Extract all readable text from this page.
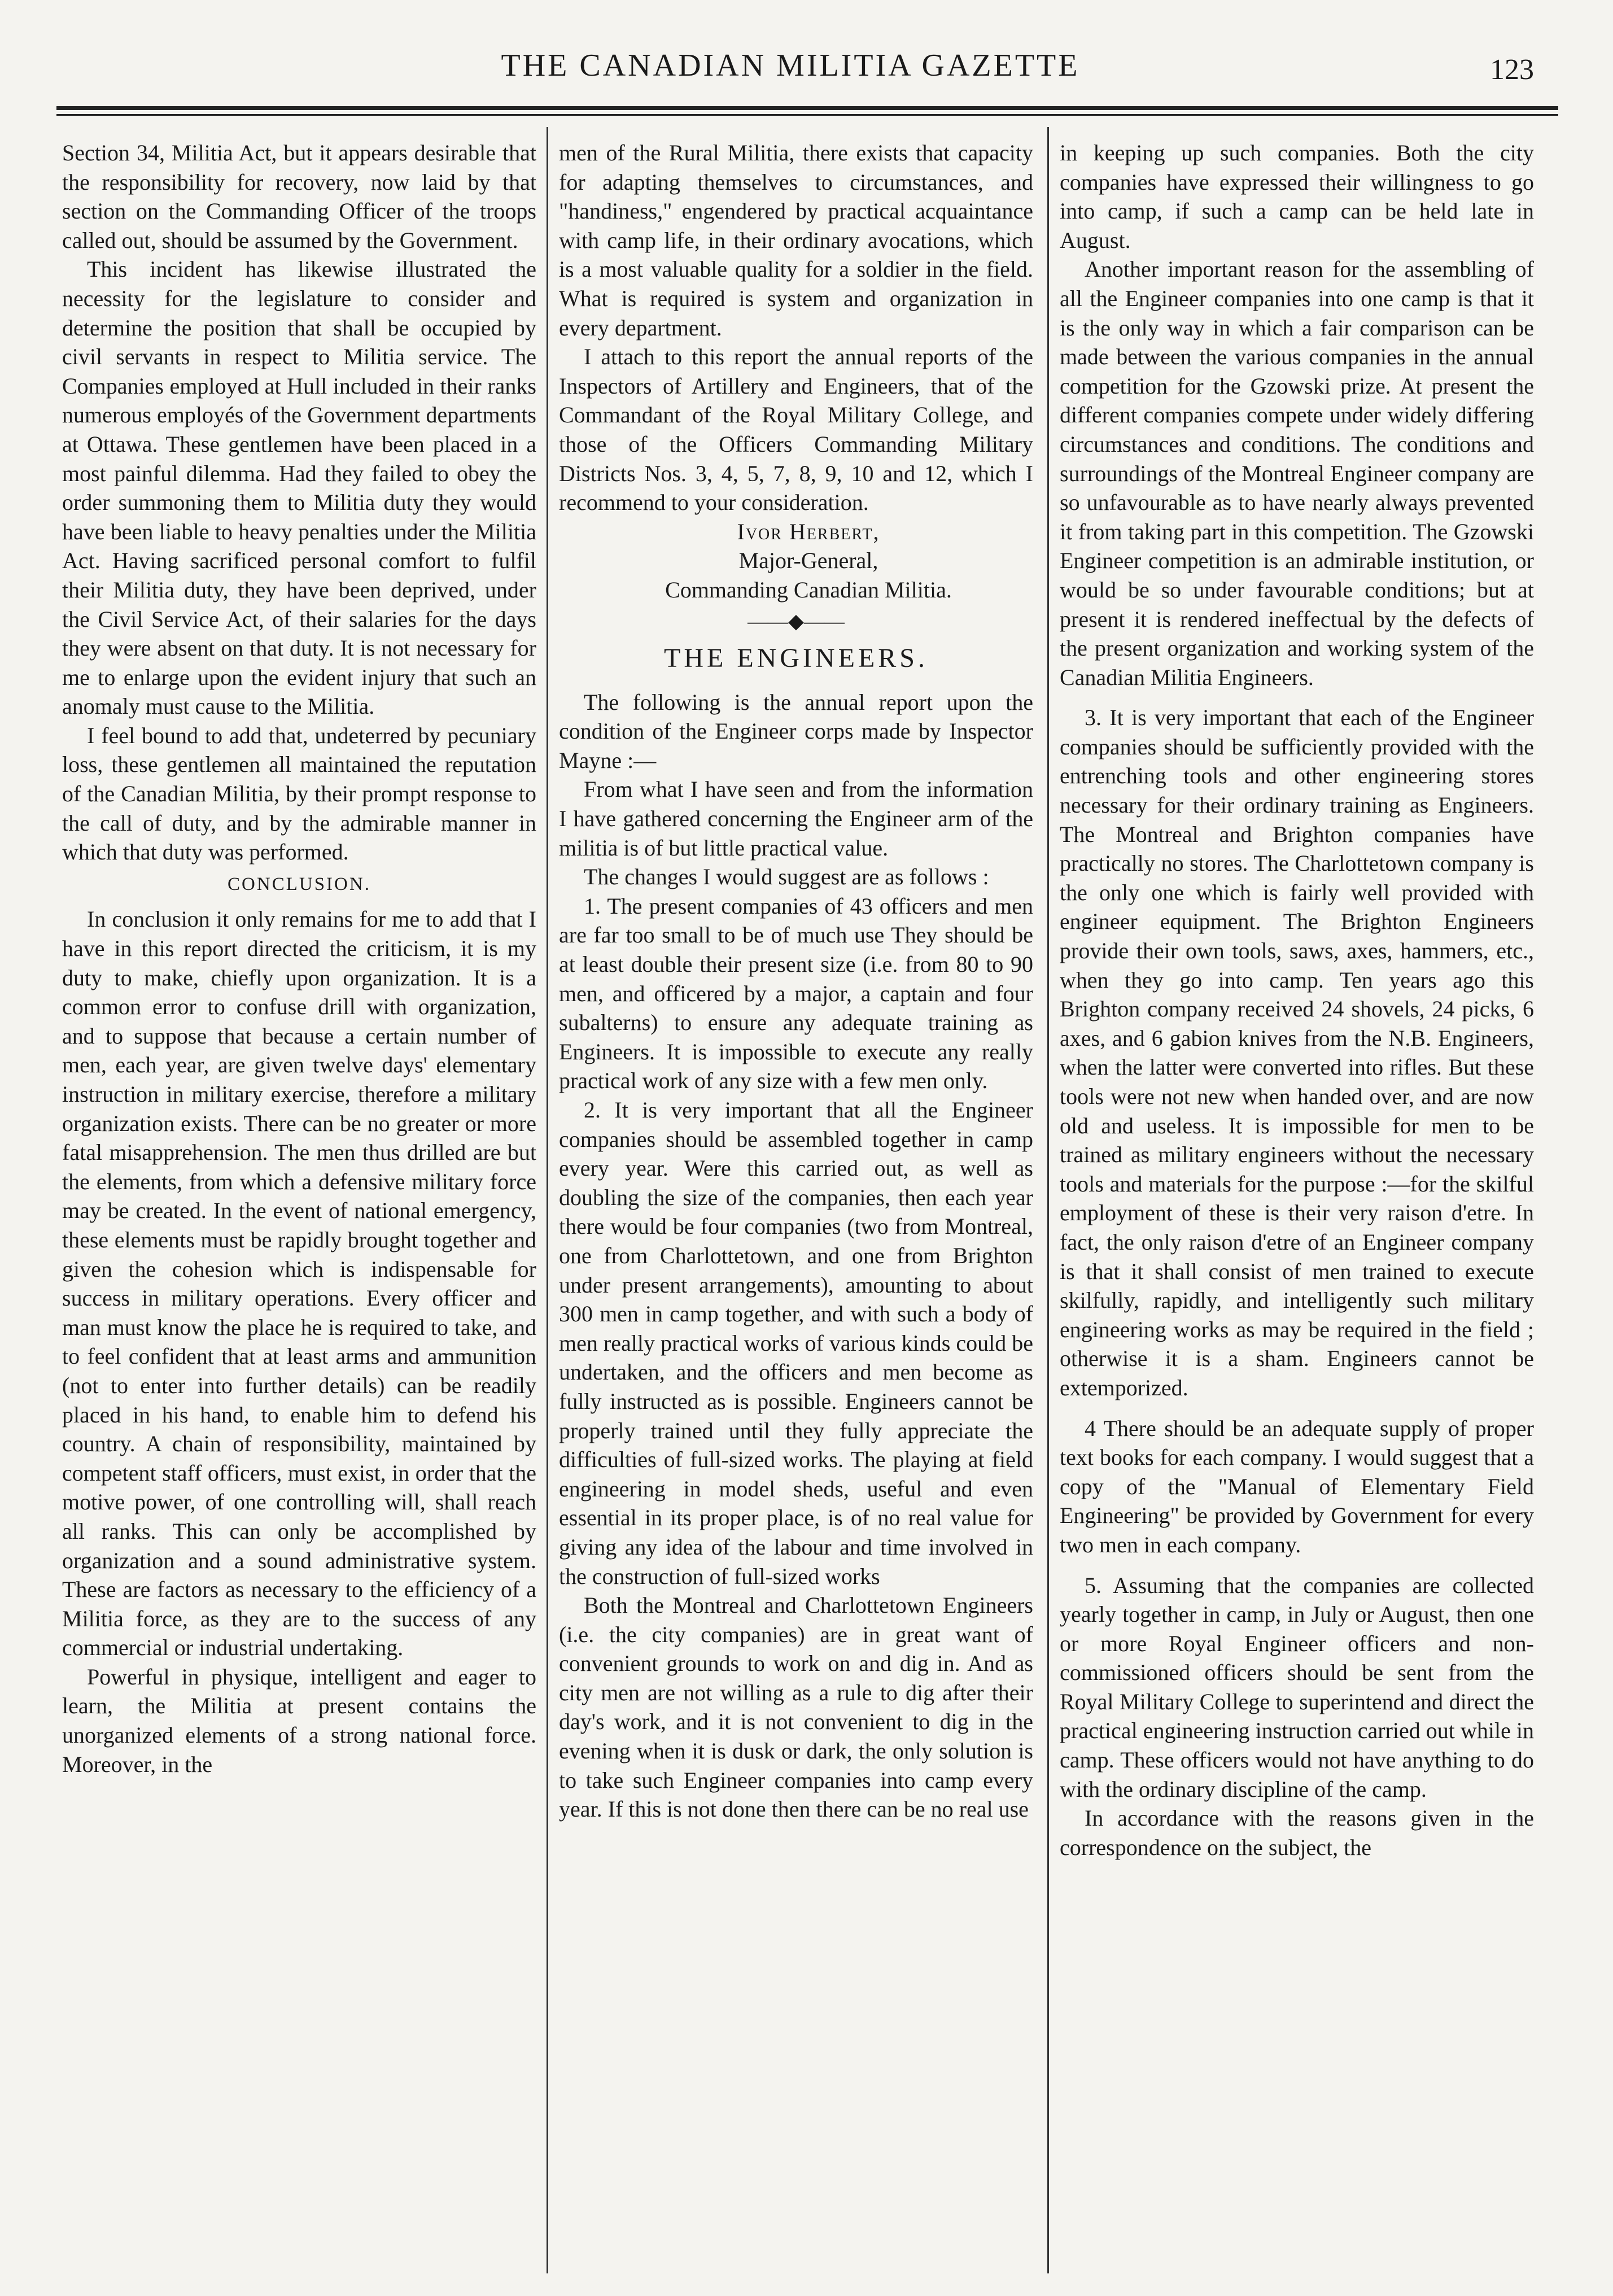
THE CANADIAN MILITIA GAZETTE	123

Section 34, Militia Act, but it appears desirable that the responsibility for recovery, now laid by that section on the Commanding Officer of the troops called out, should be assumed by the Government.

This incident has likewise illustrated the necessity for the legislature to consider and determine the position that shall be occupied by civil servants in respect to Militia service. The Companies employed at Hull included in their ranks numerous employés of the Government departments at Ottawa. These gentlemen have been placed in a most painful dilemma. Had they failed to obey the order summoning them to Militia duty they would have been liable to heavy penalties under the Militia Act. Having sacrificed personal comfort to fulfil their Militia duty, they have been deprived, under the Civil Service Act, of their salaries for the days they were absent on that duty. It is not necessary for me to enlarge upon the evident injury that such an anomaly must cause to the Militia.

I feel bound to add that, undeterred by pecuniary loss, these gentlemen all maintained the reputation of the Canadian Militia, by their prompt response to the call of duty, and by the admirable manner in which that duty was performed.

CONCLUSION.

In conclusion it only remains for me to add that I have in this report directed the criticism, it is my duty to make, chiefly upon organization. It is a common error to confuse drill with organization, and to suppose that because a certain number of men, each year, are given twelve days' elementary instruction in military exercise, therefore a military organization exists. There can be no greater or more fatal misapprehension. The men thus drilled are but the elements, from which a defensive military force may be created. In the event of national emergency, these elements must be rapidly brought together and given the cohesion which is indispensable for success in military operations. Every officer and man must know the place he is required to take, and to feel confident that at least arms and ammunition (not to enter into further details) can be readily placed in his hand, to enable him to defend his country. A chain of responsibility, maintained by competent staff officers, must exist, in order that the motive power, of one controlling will, shall reach all ranks. This can only be accomplished by organization and a sound administrative system. These are factors as necessary to the efficiency of a Militia force, as they are to the success of any commercial or industrial undertaking.

Powerful in physique, intelligent and eager to learn, the Militia at present contains the unorganized elements of a strong national force. Moreover, in the

men of the Rural Militia, there exists that capacity for adapting themselves to circumstances, and "handiness," engendered by practical acquaintance with camp life, in their ordinary avocations, which is a most valuable quality for a soldier in the field. What is required is system and organization in every department.

I attach to this report the annual reports of the Inspectors of Artillery and Engineers, that of the Commandant of the Royal Military College, and those of the Officers Commanding Military Districts Nos. 3, 4, 5, 7, 8, 9, 10 and 12, which I recommend to your consideration.

Ivor Herbert,

Major-General,

Commanding Canadian Militia.

——◆——
THE ENGINEERS.

The following is the annual report upon the condition of the Engineer corps made by Inspector Mayne :—

From what I have seen and from the information I have gathered concerning the Engineer arm of the militia is of but little practical value.

The changes I would suggest are as follows :

1. The present companies of 43 officers and men are far too small to be of much use They should be at least double their present size (i.e. from 80 to 90 men, and officered by a major, a captain and four subalterns) to ensure any adequate training as Engineers. It is impossible to execute any really practical work of any size with a few men only.

2. It is very important that all the Engineer companies should be assembled together in camp every year. Were this carried out, as well as doubling the size of the companies, then each year there would be four companies (two from Montreal, one from Charlottetown, and one from Brighton under present arrangements), amounting to about 300 men in camp together, and with such a body of men really practical works of various kinds could be undertaken, and the officers and men become as fully instructed as is possible. Engineers cannot be properly trained until they fully appreciate the difficulties of full-sized works. The playing at field engineering in model sheds, useful and even essential in its proper place, is of no real value for giving any idea of the labour and time involved in the construction of full-sized works

Both the Montreal and Charlottetown Engineers (i.e. the city companies) are in great want of convenient grounds to work on and dig in. And as city men are not willing as a rule to dig after their day's work, and it is not convenient to dig in the evening when it is dusk or dark, the only solution is to take such Engineer companies into camp every year. If this is not done then there can be no real use

in keeping up such companies. Both the city companies have expressed their willingness to go into camp, if such a camp can be held late in August.

Another important reason for the assembling of all the Engineer companies into one camp is that it is the only way in which a fair comparison can be made between the various companies in the annual competition for the Gzowski prize. At present the different companies compete under widely differing circumstances and conditions. The conditions and surroundings of the Montreal Engineer company are so unfavourable as to have nearly always prevented it from taking part in this competition. The Gzowski Engineer competition is an admirable institution, or would be so under favourable conditions; but at present it is rendered ineffectual by the defects of the present organization and working system of the Canadian Militia Engineers.

3. It is very important that each of the Engineer companies should be sufficiently provided with the entrenching tools and other engineering stores necessary for their ordinary training as Engineers. The Montreal and Brighton companies have practically no stores. The Charlottetown company is the only one which is fairly well provided with engineer equipment. The Brighton Engineers provide their own tools, saws, axes, hammers, etc., when they go into camp. Ten years ago this Brighton company received 24 shovels, 24 picks, 6 axes, and 6 gabion knives from the N.B. Engineers, when the latter were converted into rifles. But these tools were not new when handed over, and are now old and useless. It is impossible for men to be trained as military engineers without the necessary tools and materials for the purpose :—for the skilful employment of these is their very raison d'etre. In fact, the only raison d'etre of an Engineer company is that it shall consist of men trained to execute skilfully, rapidly, and intelligently such military engineering works as may be required in the field ; otherwise it is a sham. Engineers cannot be extemporized.

4 There should be an adequate supply of proper text books for each company. I would suggest that a copy of the "Manual of Elementary Field Engineering" be provided by Government for every two men in each company.

5. Assuming that the companies are collected yearly together in camp, in July or August, then one or more Royal Engineer officers and non-commissioned officers should be sent from the Royal Military College to superintend and direct the practical engineering instruction carried out while in camp. These officers would not have anything to do with the ordinary discipline of the camp.

In accordance with the reasons given in the correspondence on the subject, the
